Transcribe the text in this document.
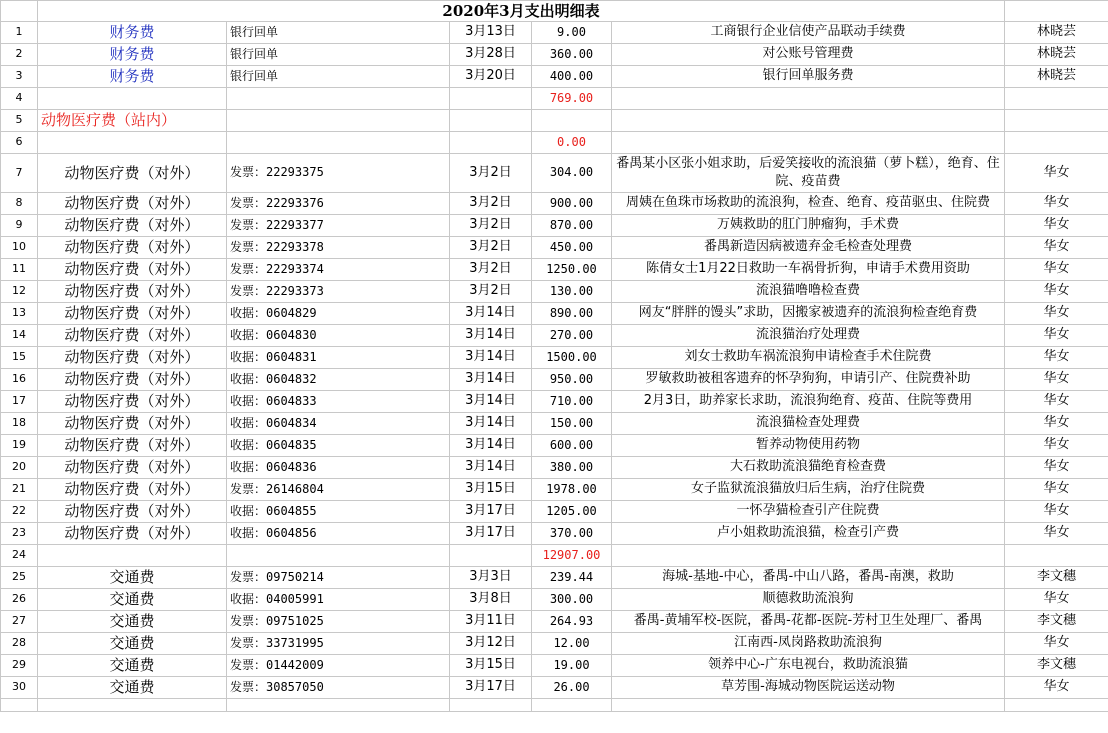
	2020年3月支出明细表					
1	财务费	银行回单	3月13日	9.00	工商银行企业信使产品联动手续费	林晓芸
2	财务费	银行回单	3月28日	360.00	对公账号管理费	林晓芸
3	财务费	银行回单	3月20日	400.00	银行回单服务费	林晓芸
4				769.00		
5	动物医疗费（站内）					
6				0.00		
7	动物医疗费（对外）	发票：22293375	3月2日	304.00	番禺某小区张小姐求助，后爱笑接收的流浪猫（萝卜糕），绝育、住院、疫苗费	华女
8	动物医疗费（对外）	发票：22293376	3月2日	900.00	周姨在鱼珠市场救助的流浪狗，检查、绝育、疫苗驱虫、住院费	华女
9	动物医疗费（对外）	发票：22293377	3月2日	870.00	万姨救助的肛门肿瘤狗，手术费	华女
10	动物医疗费（对外）	发票：22293378	3月2日	450.00	番禺新造因病被遗弃金毛检查处理费	华女
11	动物医疗费（对外）	发票：22293374	3月2日	1250.00	陈倩女士1月22日救助一车祸骨折狗，申请手术费用资助	华女
12	动物医疗费（对外）	发票：22293373	3月2日	130.00	流浪猫噜噜检查费	华女
13	动物医疗费（对外）	收据：0604829	3月14日	890.00	网友“胖胖的馒头”求助，因搬家被遗弃的流浪狗检查绝育费	华女
14	动物医疗费（对外）	收据：0604830	3月14日	270.00	流浪猫治疗处理费	华女
15	动物医疗费（对外）	收据：0604831	3月14日	1500.00	刘女士救助车祸流浪狗申请检查手术住院费	华女
16	动物医疗费（对外）	收据：0604832	3月14日	950.00	罗敏救助被租客遗弃的怀孕狗狗，申请引产、住院费补助	华女
17	动物医疗费（对外）	收据：0604833	3月14日	710.00	2月3日，助养家长求助，流浪狗绝育、疫苗、住院等费用	华女
18	动物医疗费（对外）	收据：0604834	3月14日	150.00	流浪猫检查处理费	华女
19	动物医疗费（对外）	收据：0604835	3月14日	600.00	暂养动物使用药物	华女
20	动物医疗费（对外）	收据：0604836	3月14日	380.00	大石救助流浪猫绝育检查费	华女
21	动物医疗费（对外）	发票：26146804	3月15日	1978.00	女子监狱流浪猫放归后生病，治疗住院费	华女
22	动物医疗费（对外）	收据：0604855	3月17日	1205.00	一怀孕猫检查引产住院费	华女
23	动物医疗费（对外）	收据：0604856	3月17日	370.00	卢小姐救助流浪猫，检查引产费	华女
24				12907.00		
25	交通费	发票：09750214	3月3日	239.44	海城-基地-中心，番禺-中山八路，番禺-南澳，救助	李文穗
26	交通费	收据：04005991	3月8日	300.00	顺德救助流浪狗	华女
27	交通费	发票：09751025	3月11日	264.93	番禺-黄埔军校-医院，番禺-花都-医院-芳村卫生处理厂、番禺	李文穗
28	交通费	发票：33731995	3月12日	12.00	江南西-凤岗路救助流浪狗	华女
29	交通费	发票：01442009	3月15日	19.00	领养中心-广东电视台，救助流浪猫	李文穗
30	交通费	发票：30857050	3月17日	26.00	草芳围-海城动物医院运送动物	华女
